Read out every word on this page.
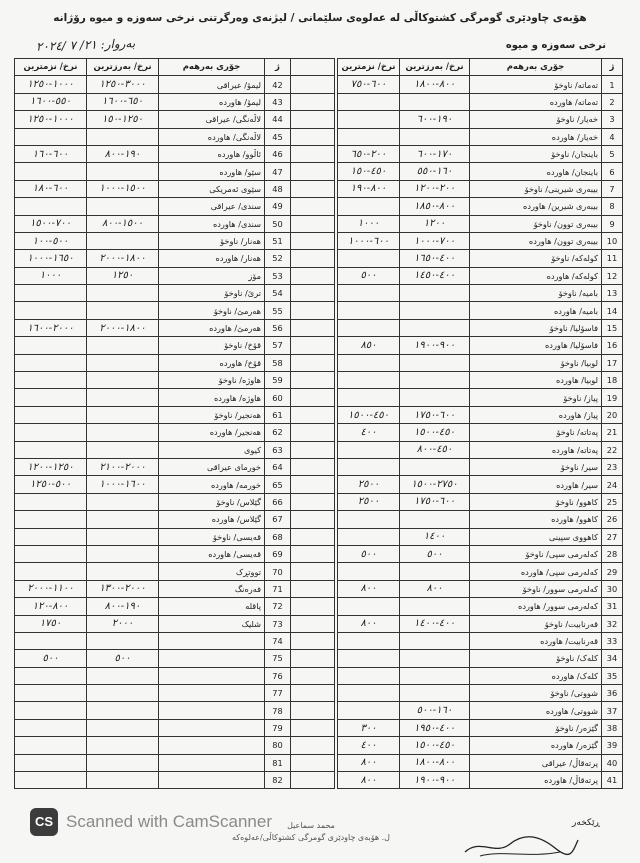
هۆبەی چاودێری گومرگی کشتوکاڵی لە عەلوەی سلێمانی / لیژنەی وەرگرتنی نرخی سەوزە و میوە رۆژانە
نرخی سەوزە و میوە
بەروار: ٢١/ ٧ /٢٠٢٤
نرخ/ نزمترین	نرخ/ بەرزترین	جۆری بەرهەم	ژ	
١٠٠٠-١٢٥٠	٣٠٠٠-١٢٥٠	لیمۆ/ عیراقی	42	
٥٥٠-١٦٠٠	٦٥٠-١٦٠٠	لیمۆ/ هاوردە	43	
١٠٠٠-١٢٥٠	١٢٥٠-١٥٠	لاڵەنگی/ عیراقی	44	
		لاڵەنگی/ هاوردە	45	
٦٠٠-١٦٠	١٩٠-٨٠٠	ئاڵوو/ هاوردە	46	
		سێو/ هاوردە	47	
٦٠٠-١٨٠	١٥٠٠-١٠٠٠	سێوی ئەمریکی	48	
		سندی/ عیراقی	49	
٧٠٠-١٥٠٠	١٥٠٠-٨٠٠	سندی/ هاوردە	50	
٥٠٠-١٠٠		هەنار/ ناوخۆ	51	
١٦٥٠-١٠٠٠	١٨٠٠-٢٠٠٠	هەنار/ هاوردە	52	
١٠٠٠	١٢٥٠	مۆز	53	
		ترێ/ ناوخۆ	54	
		هەرمێ/ ناوخۆ	55	
٢٠٠٠-١٦٠٠	١٨٠٠-٢٠٠٠	هەرمێ/ هاوردە	56	
		قۆخ/ ناوخۆ	57	
		قۆخ/ هاوردە	58	
		هاوژە/ ناوخۆ	59	
		هاوژە/ هاوردە	60	
		هەنجیر/ ناوخۆ	61	
		هەنجیر/ هاوردە	62	
		کیوی	63	
١٢٥٠-١٢٠٠	٢٠٠٠-٢١٠٠	خورمای عیراقی	64	
٥٠٠-١٢٥٠	١٦٠٠-١٠٠٠	خورمە/ هاوردە	65	
		گێلاس/ ناوخۆ	66	
		گێلاس/ هاوردە	67	
		قەیسی/ ناوخۆ	68	
		قەیسی/ هاوردە	69	
		تووتڕک	70	
١١٠٠-٢٠٠٠	٢٠٠٠-١٣٠٠	فەرەنگ	71	
٨٠٠-١٢٠	١٩٠-٨٠٠	پاقلە	72	
١٧٥٠	٢٠٠٠	شلیک	73	
			74	
٥٠٠	٥٠٠		75	
			76	
			77	
			78	
			79	
			80	
			81	
			82	
نرخ/ نزمترین	نرخ/ بەرزترین	جۆری بەرهەم	ژ
٦٠٠-٧٥٠	٨٠٠-١٨٠٠	تەماتە/ ناوخۆ	1
		تەماتە/ هاوردە	2
	١٩٠-٦٠٠	خەیار/ ناوخۆ	3
		خەیار/ هاوردە	4
٢٠٠-٦٥٠	١٧٠-٦٠٠	باینجان/ ناوخۆ	5
٤٥٠-١٥٠	١٦٠-٥٥٠	باینجان/ هاوردە	6
٨٠٠-١٩٠	٢٠٠-١٢٠٠	بیبەری شیرینی/ ناوخۆ	7
	٨٠٠-١٨٥٠	بیبەری شیرین/ هاوردە	8
١٠٠٠	١٢٠٠	بیبەری توون/ ناوخۆ	9
٦٠٠-١٠٠٠	٧٠٠-١٠٠٠	بیبەری توون/ هاوردە	10
	٤٠٠-١٦٥٠	کولەکە/ ناوخۆ	11
٥٠٠	٤٠٠-١٤٥٠	کولەکە/ هاوردە	12
		بامیە/ ناوخۆ	13
		بامیە/ هاوردە	14
		فاسۆلیا/ ناوخۆ	15
٨٥٠	٩٠٠-١٩٠٠	فاسۆلیا/ هاوردە	16
		لوبیا/ ناوخۆ	17
		لوبیا/ هاوردە	18
		پیاز/ ناوخۆ	19
٤٥٠-١٥٠٠	٦٠٠-١٧٥٠	پیاز/ هاوردە	20
٤٠٠	٤٥٠-١٥٠٠	پەتاتە/ ناوخۆ	21
	٤٥٠-٨٠٠	پەتاتە/ هاوردە	22
		سیر/ ناوخۆ	23
٢٥٠٠	٢٧٥٠-١٥٠٠	سیر/ هاوردە	24
٢٥٠٠	٦٠٠-١٧٥٠	کاهوو/ ناوخۆ	25
		کاهوو/ هاوردە	26
	١٤٠٠	کاهووی سپینی	27
٥٠٠	٥٠٠	کەلەرمی سپی/ ناوخۆ	28
		کەلەرمی سپی/ هاوردە	29
٨٠٠	٨٠٠	کەلەرمی سوور/ ناوخۆ	30
		کەلەرمی سوور/ هاوردە	31
٨٠٠	٤٠٠-١٤٠٠	قەرنابیت/ ناوخۆ	32
		قەرنابیت/ هاوردە	33
		کلەک/ ناوخۆ	34
		کلەک/ هاوردە	35
		شووتی/ ناوخۆ	36
	١٦٠-٥٠٠	شووتی/ هاوردە	37
٣٠٠	٤٠٠-١٩٥٠	گێزەر/ ناوخۆ	38
٤٠٠	٤٥٠-١٥٠٠	گێزەر/ هاوردە	39
٨٠٠	٨٠٠-١٨٠٠	پرتەقاڵ/ عیراقی	40
٨٠٠	٩٠٠-١٩٠٠	پرتەقاڵ/ هاوردە	41
CS Scanned with CamScanner	محمد سماعیل
ل. هۆبەی چاودێری گومرگی کشتوکاڵی/عەلوەکە
ڕێکخەر
